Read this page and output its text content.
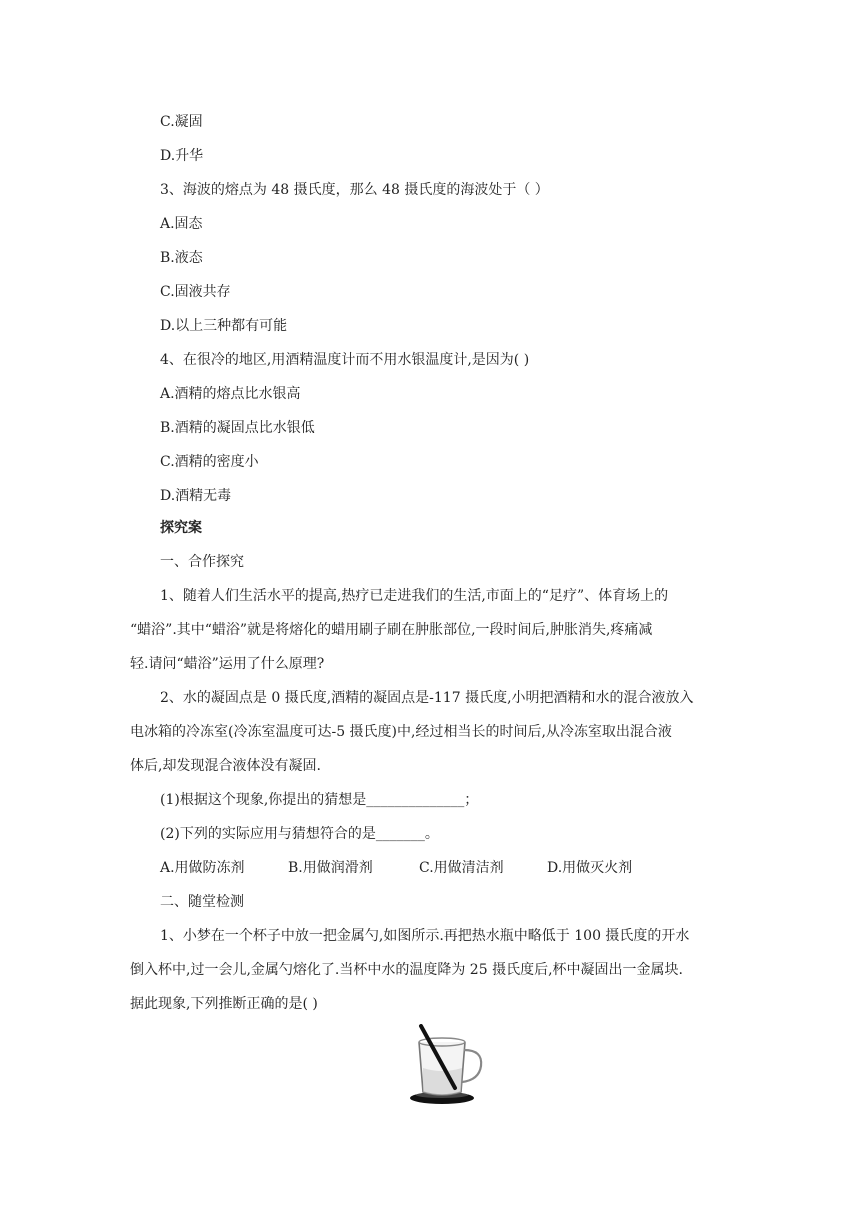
C.凝固
D.升华
3、海波的熔点为 48 摄氏度，那么 48 摄氏度的海波处于（ ）
A.固态
B.液态
C.固液共存
D.以上三种都有可能
4、在很冷的地区,用酒精温度计而不用水银温度计,是因为( )
A.酒精的熔点比水银高
B.酒精的凝固点比水银低
C.酒精的密度小
D.酒精无毒
探究案
一、合作探究
1、随着人们生活水平的提高,热疗已走进我们的生活,市面上的“足疗”、体育场上的
“蜡浴”.其中“蜡浴”就是将熔化的蜡用刷子刷在肿胀部位,一段时间后,肿胀消失,疼痛减
轻.请问“蜡浴”运用了什么原理?
2、水的凝固点是 0 摄氏度,酒精的凝固点是-117 摄氏度,小明把酒精和水的混合液放入
电冰箱的冷冻室(冷冻室温度可达-5 摄氏度)中,经过相当长的时间后,从冷冻室取出混合液
体后,却发现混合液体没有凝固.
(1)根据这个现象,你提出的猜想是______________；
(2)下列的实际应用与猜想符合的是_______。
A.用做防冻剂	B.用做润滑剂	C.用做清洁剂	D.用做灭火剂
二、随堂检测
1、小梦在一个杯子中放一把金属勺,如图所示.再把热水瓶中略低于 100 摄氏度的开水
倒入杯中,过一会儿,金属勺熔化了.当杯中水的温度降为 25 摄氏度后,杯中凝固出一金属块.
据此现象,下列推断正确的是( )
